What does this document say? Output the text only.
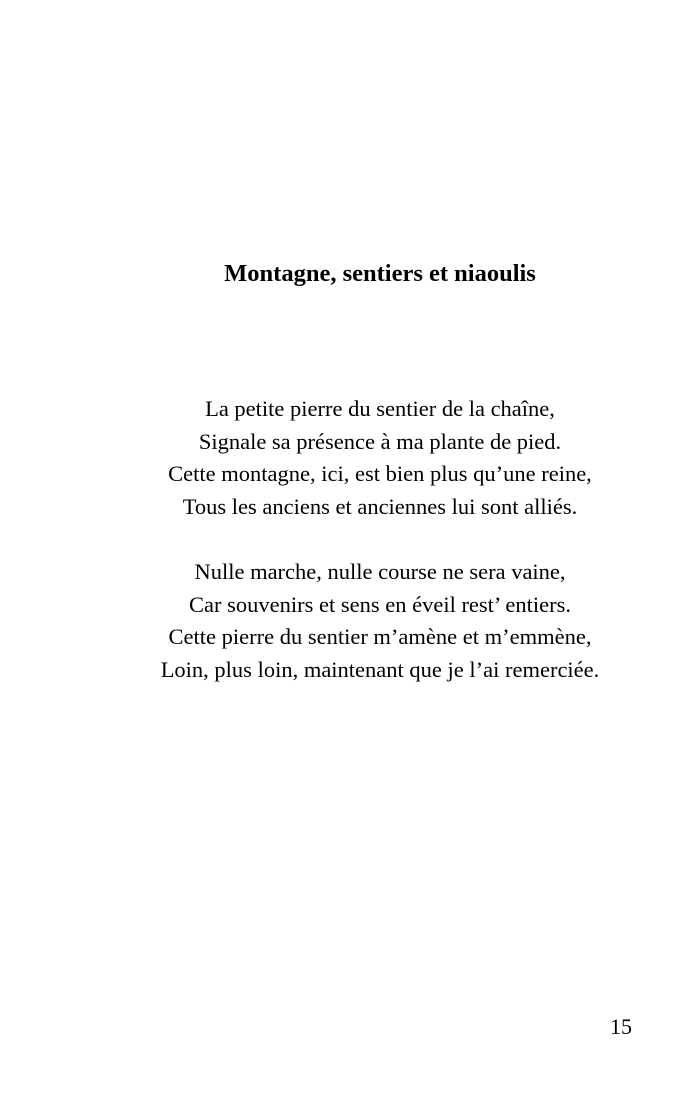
Montagne, sentiers et niaoulis
La petite pierre du sentier de la chaîne,
Signale sa présence à ma plante de pied.
Cette montagne, ici, est bien plus qu’une reine,
Tous les anciens et anciennes lui sont alliés.
Nulle marche, nulle course ne sera vaine,
Car souvenirs et sens en éveil rest’ entiers.
Cette pierre du sentier m’amène et m’emmène,
Loin, plus loin, maintenant que je l’ai remerciée.
15
